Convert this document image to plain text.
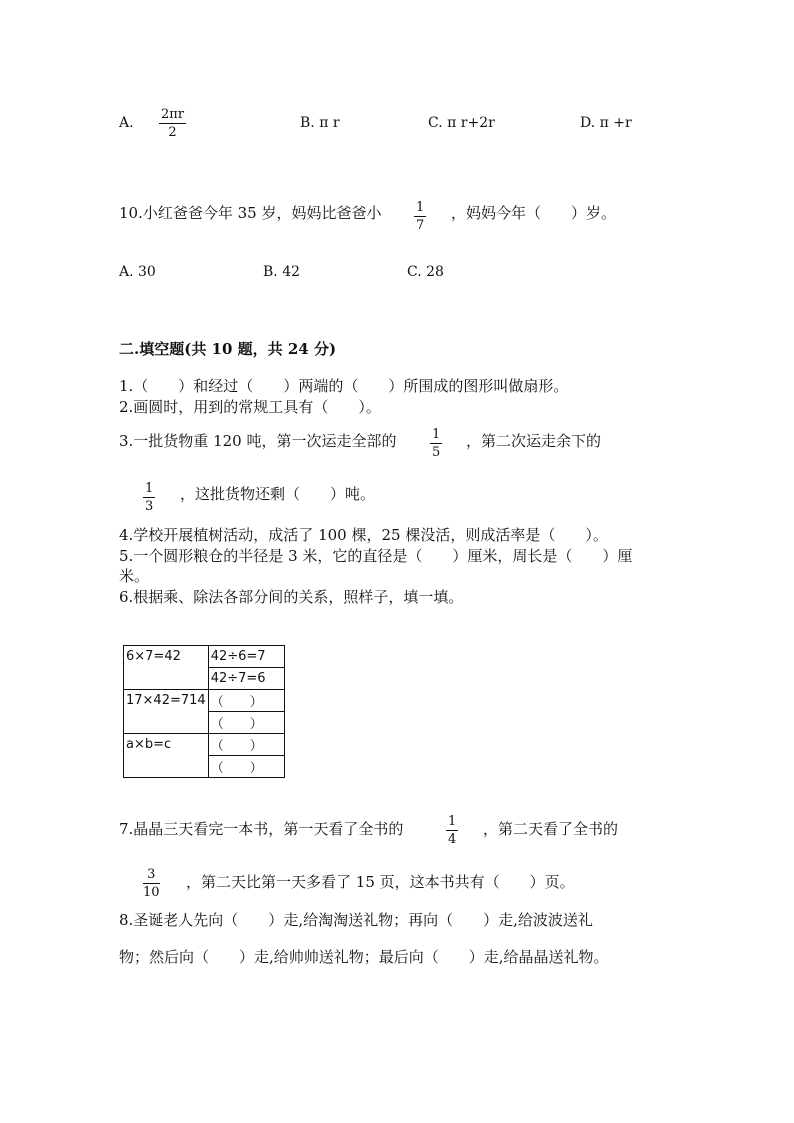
A.
2πr
2
B. π r	C. π r+2r	D. π +r
10.小红爸爸今年 35 岁，妈妈比爸爸小	1
7
，妈妈今年（　　）岁。
A. 30	B. 42	C. 28
二.填空题(共 10 题，共 24 分)
1.（　　）和经过（　　）两端的（　　）所围成的图形叫做扇形。
2.画圆时，用到的常规工具有（　　）。
3.一批货物重 120 吨，第一次运走全部的	1
5
，第二次运走余下的
1
3
，这批货物还剩（　　）吨。
4.学校开展植树活动，成活了 100 棵，25 棵没活，则成活率是（　　）。
5.一个圆形粮仓的半径是 3 米，它的直径是（　　）厘米，周长是（　　）厘
米。
6.根据乘、除法各部分间的关系，照样子，填一填。
6×7=42	42÷6=7
	42÷7=6
17×42=714	（　　）
	（　　）
a×b=c	（　　）
	（　　）
7.晶晶三天看完一本书，第一天看了全书的	1
4
，第二天看了全书的
3
10
，第二天比第一天多看了 15 页，这本书共有（　　）页。
8.圣诞老人先向（　　）走,给淘淘送礼物；再向（　　）走,给波波送礼
物；然后向（　　）走,给帅帅送礼物；最后向（　　）走,给晶晶送礼物。
